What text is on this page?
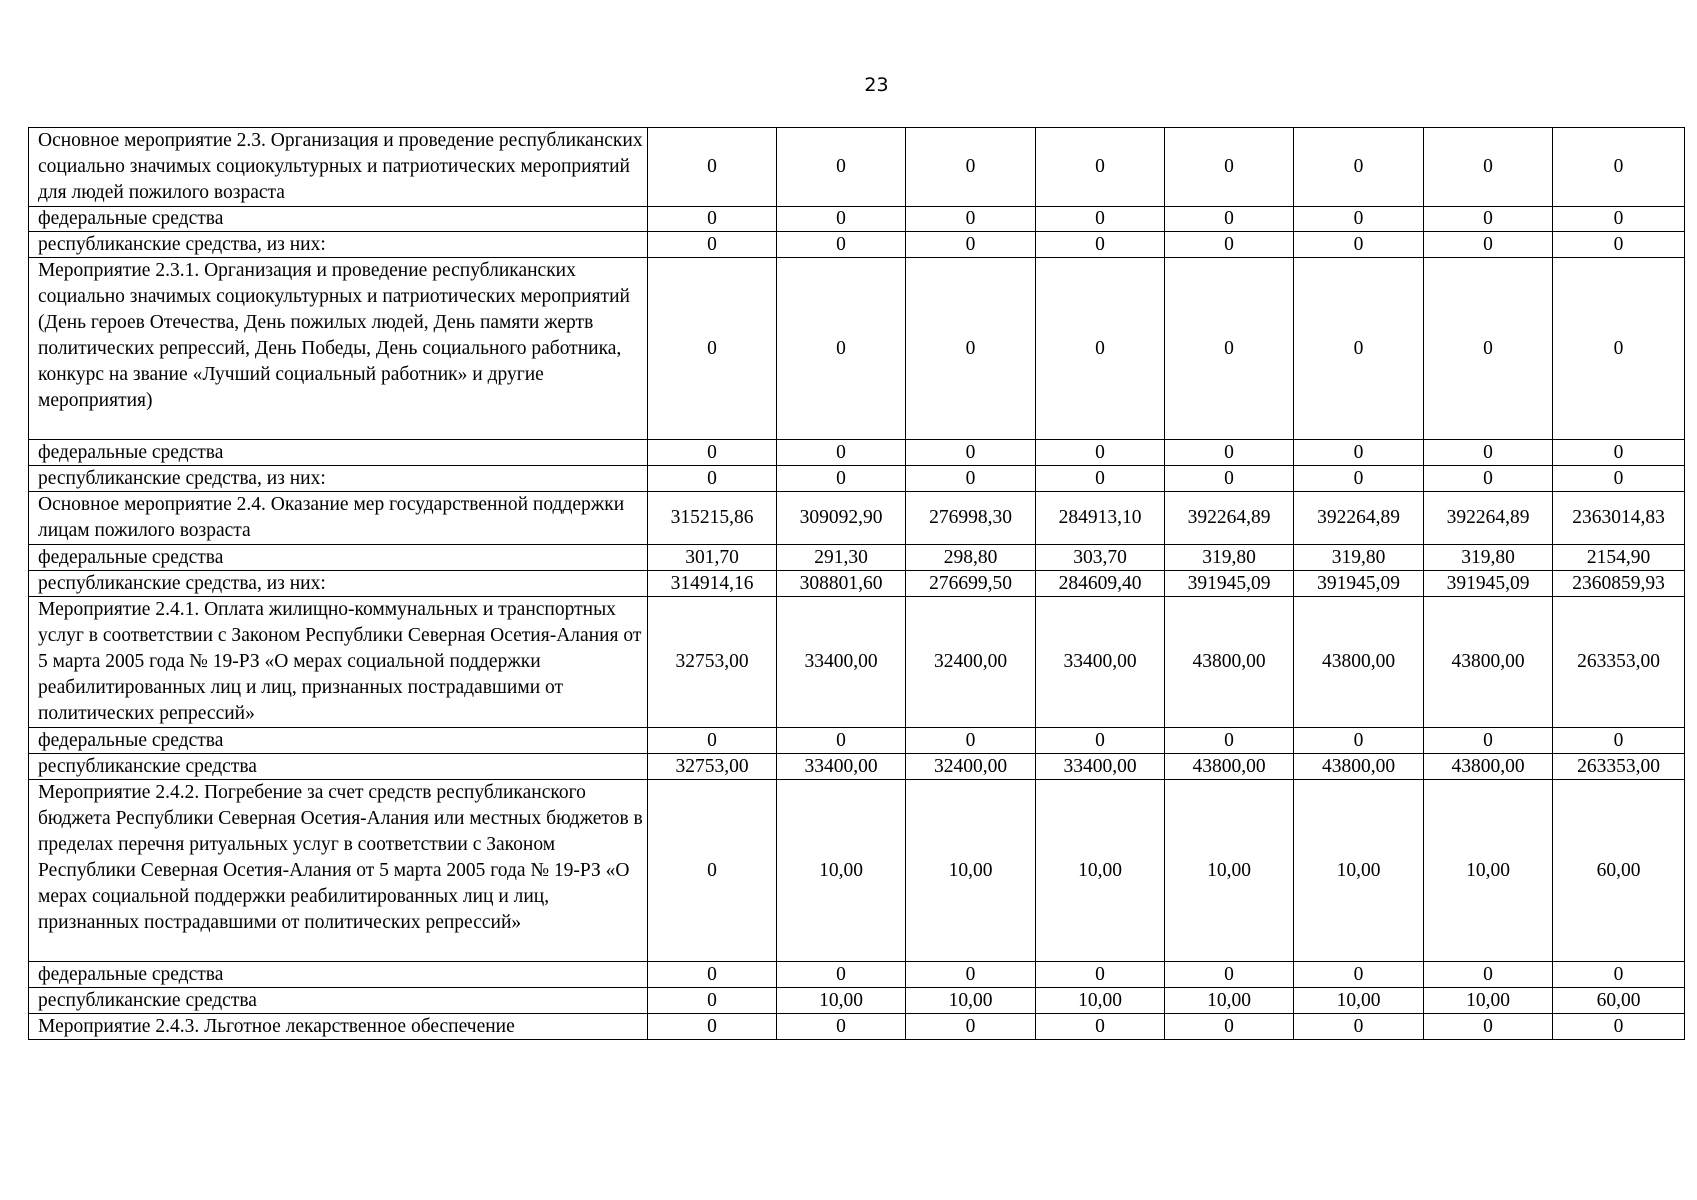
23
Основное мероприятие 2.3. Организация и проведение республиканских социально значимых социокультурных и патриотических мероприятий для людей пожилого возраста	0	0	0	0	0	0	0	0
федеральные средства	0	0	0	0	0	0	0	0
республиканские средства, из них:	0	0	0	0	0	0	0	0
Мероприятие 2.3.1. Организация и проведение республиканских социально значимых социокультурных и патриотических мероприятий (День героев Отечества, День пожилых людей, День памяти жертв политических репрессий, День Победы, День социального работника, конкурс на звание «Лучший социальный работник» и другие мероприятия)	0	0	0	0	0	0	0	0
федеральные средства	0	0	0	0	0	0	0	0
республиканские средства, из них:	0	0	0	0	0	0	0	0
Основное мероприятие 2.4. Оказание мер государственной поддержки лицам пожилого возраста	315215,86	309092,90	276998,30	284913,10	392264,89	392264,89	392264,89	2363014,83
федеральные средства	301,70	291,30	298,80	303,70	319,80	319,80	319,80	2154,90
республиканские средства, из них:	314914,16	308801,60	276699,50	284609,40	391945,09	391945,09	391945,09	2360859,93
Мероприятие 2.4.1. Оплата жилищно-коммунальных и транспортных услуг в соответствии с Законом Республики Северная Осетия-Алания от 5 марта 2005 года № 19-РЗ «О мерах социальной поддержки реабилитированных лиц и лиц, признанных пострадавшими от политических репрессий»	32753,00	33400,00	32400,00	33400,00	43800,00	43800,00	43800,00	263353,00
федеральные средства	0	0	0	0	0	0	0	0
республиканские средства	32753,00	33400,00	32400,00	33400,00	43800,00	43800,00	43800,00	263353,00
Мероприятие 2.4.2. Погребение за счет средств республиканского бюджета Республики Северная Осетия-Алания или местных бюджетов в пределах перечня ритуальных услуг в соответствии с Законом Республики Северная Осетия-Алания от 5 марта 2005 года № 19-РЗ «О мерах социальной поддержки реабилитированных лиц и лиц, признанных пострадавшими от политических репрессий»	0	10,00	10,00	10,00	10,00	10,00	10,00	60,00
федеральные средства	0	0	0	0	0	0	0	0
республиканские средства	0	10,00	10,00	10,00	10,00	10,00	10,00	60,00
Мероприятие 2.4.3. Льготное лекарственное обеспечение	0	0	0	0	0	0	0	0
